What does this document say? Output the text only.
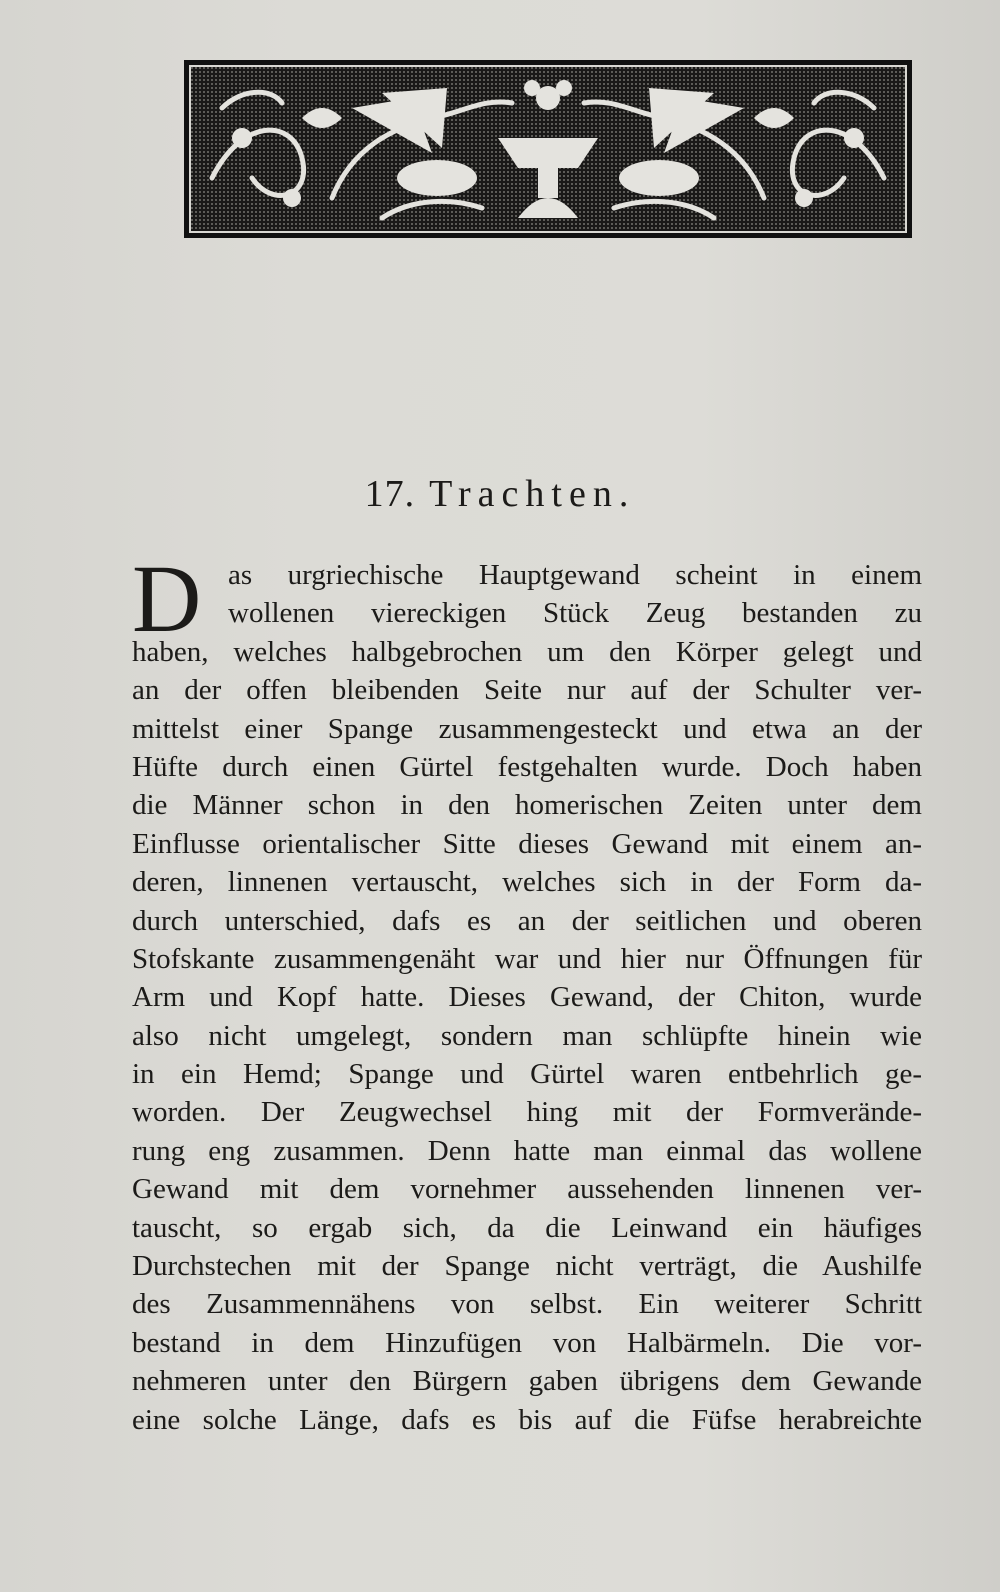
17. Trachten.
D as urgriechische Hauptgewand scheint in einem
wollenen viereckigen Stück Zeug bestanden zu
haben, welches halbgebrochen um den Körper gelegt und
an der offen bleibenden Seite nur auf der Schulter ver-
mittelst einer Spange zusammengesteckt und etwa an der
Hüfte durch einen Gürtel festgehalten wurde. Doch haben
die Männer schon in den homerischen Zeiten unter dem
Einflusse orientalischer Sitte dieses Gewand mit einem an-
deren, linnenen vertauscht, welches sich in der Form da-
durch unterschied, dafs es an der seitlichen und oberen
Stofskante zusammengenäht war und hier nur Öffnungen für
Arm und Kopf hatte. Dieses Gewand, der Chiton, wurde
also nicht umgelegt, sondern man schlüpfte hinein wie
in ein Hemd; Spange und Gürtel waren entbehrlich ge-
worden. Der Zeugwechsel hing mit der Formverände-
rung eng zusammen. Denn hatte man einmal das wollene
Gewand mit dem vornehmer aussehenden linnenen ver-
tauscht, so ergab sich, da die Leinwand ein häufiges
Durchstechen mit der Spange nicht verträgt, die Aushilfe
des Zusammennähens von selbst. Ein weiterer Schritt
bestand in dem Hinzufügen von Halbärmeln. Die vor-
nehmeren unter den Bürgern gaben übrigens dem Gewande
eine solche Länge, dafs es bis auf die Füfse herabreichte
